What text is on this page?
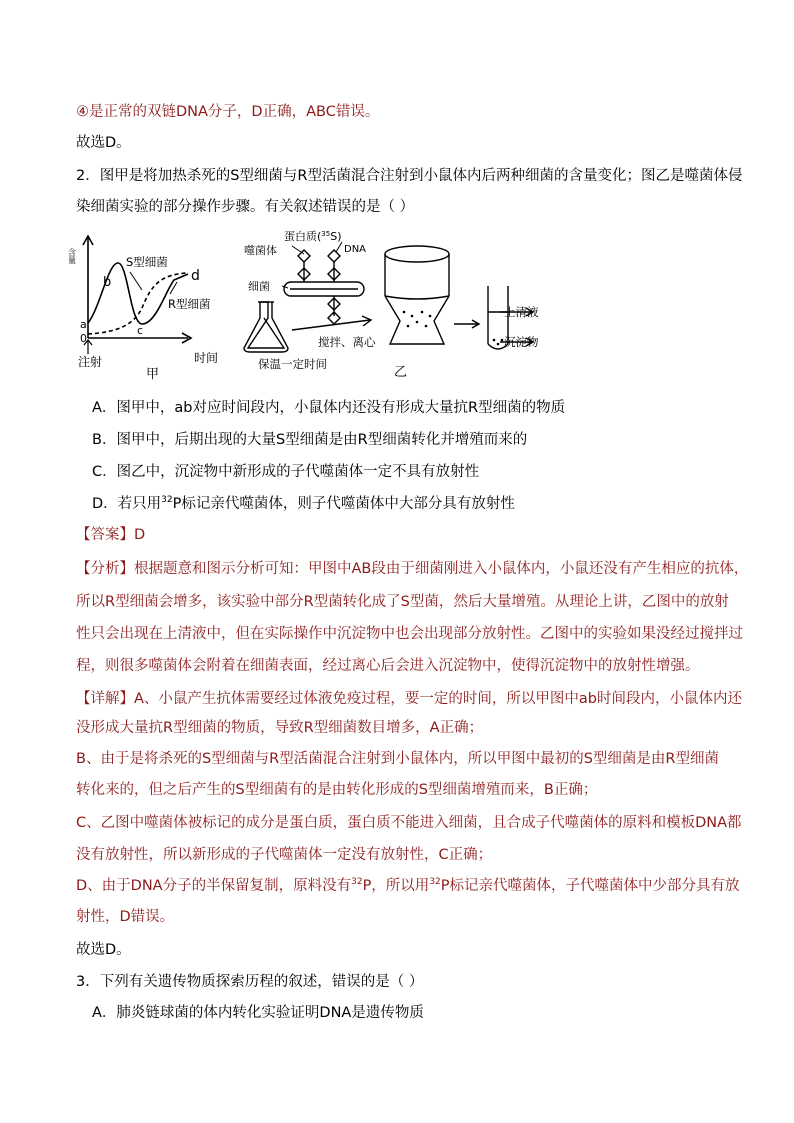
④是正常的双链DNA分子，D正确，ABC错误。
故选D。
2．图甲是将加热杀死的S型细菌与R型活菌混合注射到小鼠体内后两种细菌的含量变化；图乙是噬菌体侵
染细菌实验的部分操作步骤。有关叙述错误的是（ ）
含量
0
a
b
c
d
S型细菌
R型细菌
注射	时间
甲
蛋白质($^{35}$S)
噬菌体	DNA
细菌
保温一定时间
搅拌、离心
上清液
沉淀物
乙
A．图甲中，ab对应时间段内，小鼠体内还没有形成大量抗R型细菌的物质
B．图甲中，后期出现的大量S型细菌是由R型细菌转化并增殖而来的
C．图乙中，沉淀物中新形成的子代噬菌体一定不具有放射性
D．若只用$^{32}$P标记亲代噬菌体，则子代噬菌体中大部分具有放射性
【答案】D
【分析】根据题意和图示分析可知：甲图中AB段由于细菌刚进入小鼠体内，小鼠还没有产生相应的抗体，
所以R型细菌会增多，该实验中部分R型菌转化成了S型菌，然后大量增殖。从理论上讲，乙图中的放射
性只会出现在上清液中，但在实际操作中沉淀物中也会出现部分放射性。乙图中的实验如果没经过搅拌过
程，则很多噬菌体会附着在细菌表面，经过离心后会进入沉淀物中，使得沉淀物中的放射性增强。
【详解】A、小鼠产生抗体需要经过体液免疫过程，要一定的时间，所以甲图中ab时间段内，小鼠体内还
没形成大量抗R型细菌的物质，导致R型细菌数目增多，A正确；
B、由于是将杀死的S型细菌与R型活菌混合注射到小鼠体内，所以甲图中最初的S型细菌是由R型细菌
转化来的，但之后产生的S型细菌有的是由转化形成的S型细菌增殖而来，B正确；
C、乙图中噬菌体被标记的成分是蛋白质，蛋白质不能进入细菌，且合成子代噬菌体的原料和模板DNA都
没有放射性，所以新形成的子代噬菌体一定没有放射性，C正确；
D、由于DNA分子的半保留复制，原料没有$^{32}$P，所以用$^{32}$P标记亲代噬菌体，子代噬菌体中少部分具有放
射性，D错误。
故选D。
3．下列有关遗传物质探索历程的叙述，错误的是（ ）
A．肺炎链球菌的体内转化实验证明DNA是遗传物质
